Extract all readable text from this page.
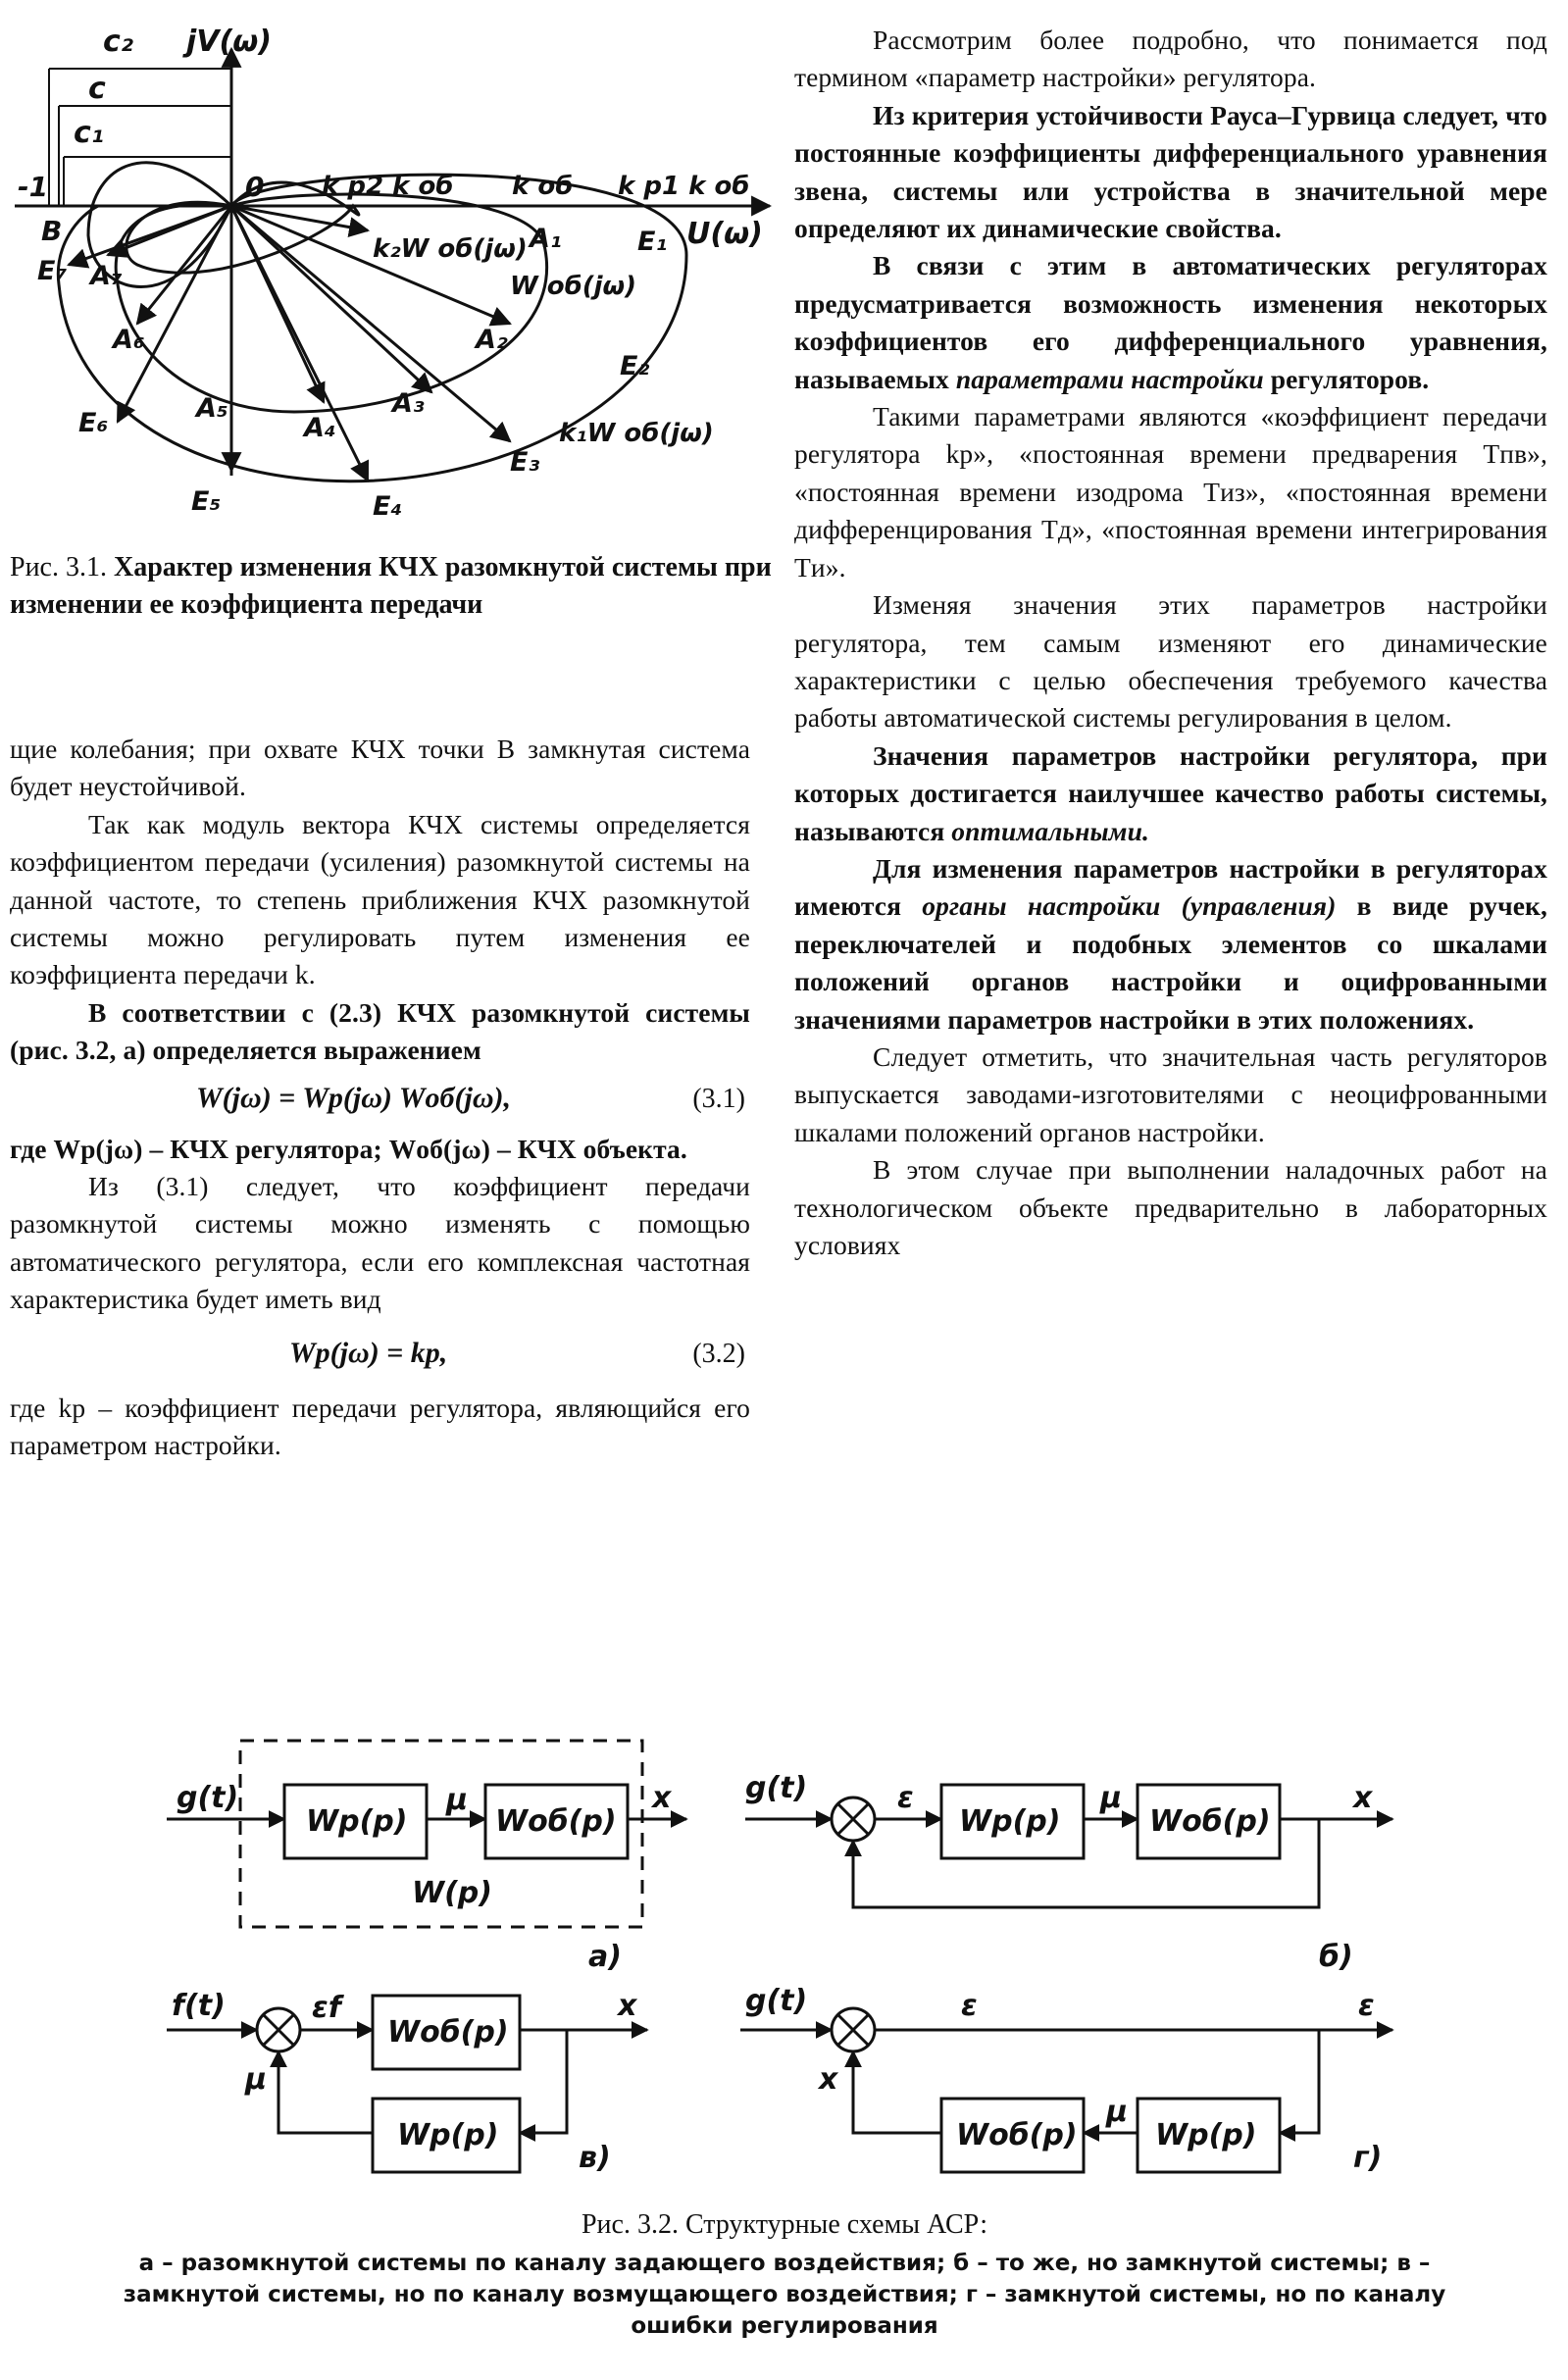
jV(ω)
U(ω)
0
-1
B
c₂
c
c₁
k p2 k об k об k p1 k об
k₂W об(jω)
W об(jω)
k₁W об(jω)
A₁
A₂
A₃
A₄
A₅
A₆
A₇
E₁
E₂
E₃
E₄
E₅
E₆
E₇
Рис. 3.1. Характер изменения КЧХ разомкнутой системы при изменении ее коэффициента передачи

щие колебания; при охвате КЧХ точки B замкнутая система будет неустойчивой.

Так как модуль вектора КЧХ системы определяется коэффициентом передачи (усиления) разомкнутой системы на данной частоте, то степень приближения КЧХ разомкнутой системы можно регулировать путем изменения ее коэффициента передачи k.

В соответствии с (2.3) КЧХ разомкнутой системы (рис. 3.2, а) определяется выражением

W(jω) = Wp(jω) Wоб(jω),	(3.1)

где Wp(jω) – КЧХ регулятора; Wоб(jω) – КЧХ объекта.

Из (3.1) следует, что коэффициент передачи разомкнутой системы можно изменять с помощью автоматического регулятора, если его комплексная частотная характеристика будет иметь вид

Wp(jω) = kp,	(3.2)

где kp – коэффициент передачи регулятора, являющийся его параметром настройки.

Рассмотрим более подробно, что понимается под термином «параметр настройки» регулятора.

Из критерия устойчивости Рауса–Гурвица следует, что постоянные коэффициенты дифференциального уравнения звена, системы или устройства в значительной мере определяют их динамические свойства.

В связи с этим в автоматических регуляторах предусматривается возможность изменения некоторых коэффициентов его дифференциального уравнения, называемых параметрами настройки регуляторов.

Такими параметрами являются «коэффициент передачи регулятора kp», «постоянная времени предварения Tпв», «постоянная времени изодрома Tиз», «постоянная времени дифференцирования Tд», «постоянная времени интегрирования Tи».

Изменяя значения этих параметров настройки регулятора, тем самым изменяют его динамические характеристики с целью обеспечения требуемого качества работы автоматической системы регулирования в целом.

Значения параметров настройки регулятора, при которых достигается наилучшее качество работы системы, называются оптимальными.

Для изменения параметров настройки в регуляторах имеются органы настройки (управления) в виде ручек, переключателей и подобных элементов со шкалами положений органов настройки и оцифрованными значениями параметров настройки в этих положениях.

Следует отметить, что значительная часть регуляторов выпускается заводами-изготовителями с неоцифрованными шкалами положений органов настройки.

В этом случае при выполнении наладочных работ на технологическом объекте предварительно в лабораторных условиях

g(t)
Wp(p)
μ
Wоб(p)
x
W(p)
а)
g(t)	ε
Wp(p)
μ
Wоб(p)
x
б)
f(t)	εf
Wоб(p)
μ
Wp(p)
x
в)
g(t)	ε	ε
x
Wоб(p)
μ
Wp(p)
г)
Рис. 3.2. Структурные схемы АСР:
а – разомкнутой системы по каналу задающего воздействия; б – то же, но замкнутой системы; в – замкнутой системы, но по каналу возмущающего воздействия; г – замкнутой системы, но по каналу ошибки регулирования
